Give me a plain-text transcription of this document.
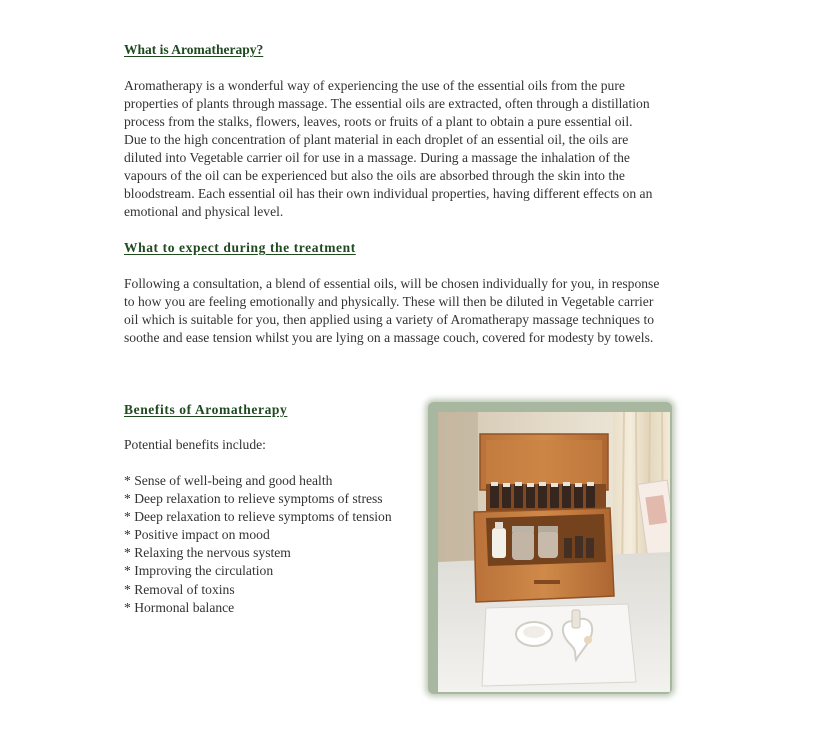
What is Aromatherapy?
Aromatherapy is a wonderful way of experiencing the use of the essential oils from the pure
properties of plants through massage. The essential oils are extracted, often through a distillation
process from the stalks, flowers, leaves, roots or fruits of a plant to obtain a pure essential oil.
Due to the high concentration of plant material in each droplet of an essential oil, the oils are
diluted into Vegetable carrier oil for use in a massage. During a massage the inhalation of the
vapours of the oil can be experienced but also the oils are absorbed through the skin into the
bloodstream. Each essential oil has their own individual properties, having different effects on an
emotional and physical level.
What to expect during the treatment
Following a consultation, a blend of essential oils, will be chosen individually for you, in response
to how you are feeling emotionally and physically. These will then be diluted in Vegetable carrier
oil which is suitable for you, then applied using a variety of Aromatherapy massage techniques to
soothe and ease tension whilst you are lying on a massage couch, covered for modesty by towels.
Benefits of Aromatherapy
Potential benefits include:
* Sense of well-being and good health
* Deep relaxation to relieve symptoms of stress
* Deep relaxation to relieve symptoms of tension
* Positive impact on mood
* Relaxing the nervous system
* Improving the circulation
* Removal of toxins
* Hormonal balance
